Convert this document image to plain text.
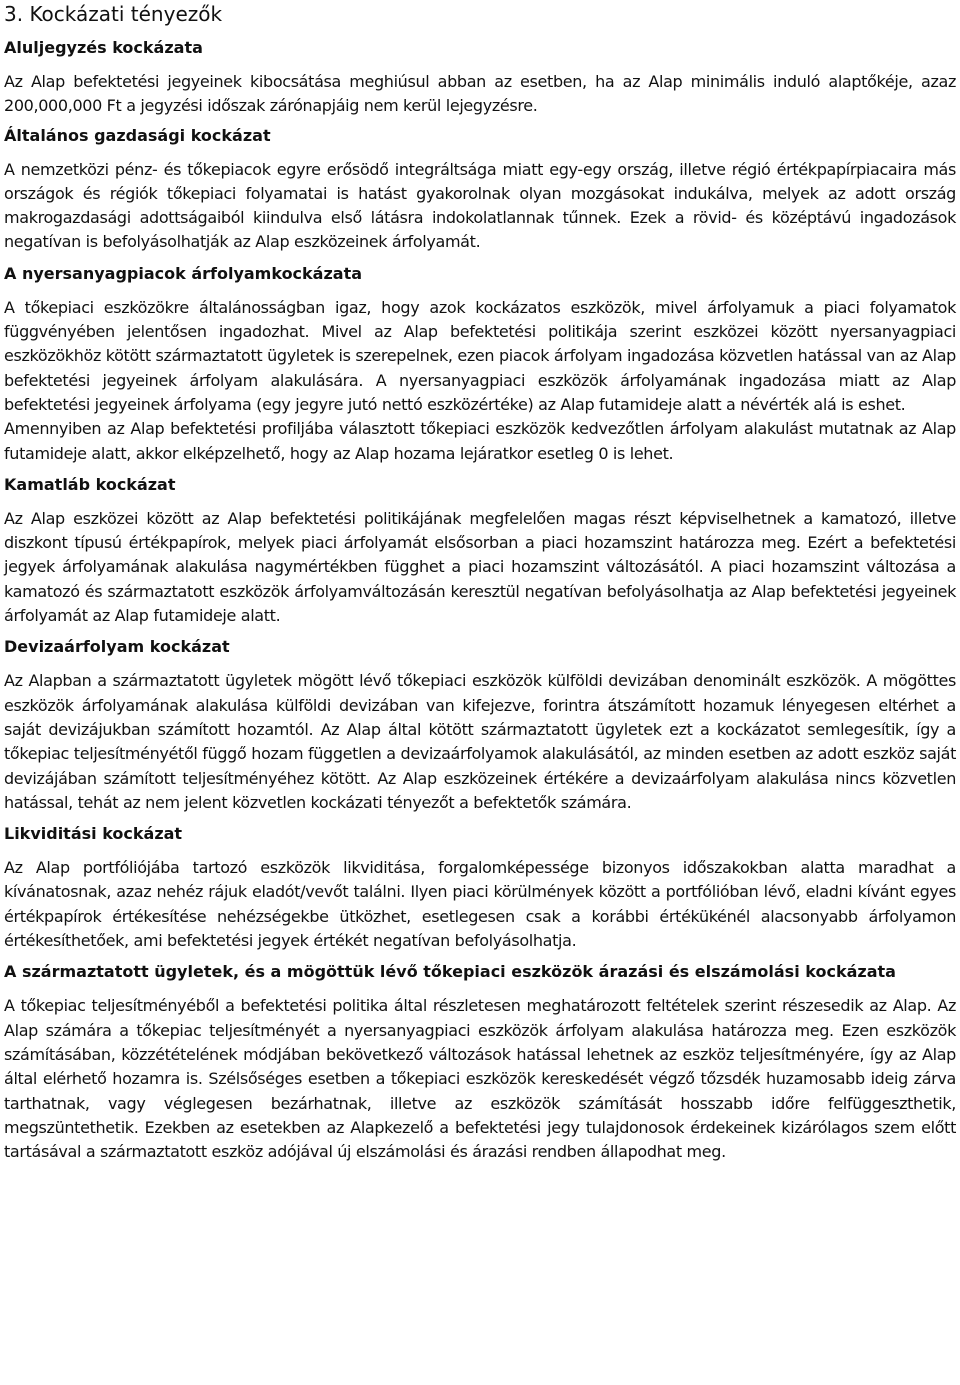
3. Kockázati tényezők
Aluljegyzés kockázata
Az Alap befektetési jegyeinek kibocsátása meghiúsul abban az esetben, ha az Alap minimális induló alaptőkéje, azaz 200,000,000 Ft a jegyzési időszak zárónapjáig nem kerül lejegyzésre.
Általános gazdasági kockázat
A nemzetközi pénz- és tőkepiacok egyre erősödő integráltsága miatt egy-egy ország, illetve régió értékpapírpiacaira más országok és régiók tőkepiaci folyamatai is hatást gyakorolnak olyan mozgásokat indukálva, melyek az adott ország makrogazdasági adottságaiból kiindulva első látásra indokolatlannak tűnnek. Ezek a rövid- és középtávú ingadozások negatívan is befolyásolhatják az Alap eszközeinek árfolyamát.
A nyersanyagpiacok árfolyamkockázata
A tőkepiaci eszközökre általánosságban igaz, hogy azok kockázatos eszközök, mivel árfolyamuk a piaci folyamatok függvényében jelentősen ingadozhat. Mivel az Alap befektetési politikája szerint eszközei között nyersanyagpiaci eszközökhöz kötött származtatott ügyletek is szerepelnek, ezen piacok árfolyam ingadozása közvetlen hatással van az Alap befektetési jegyeinek árfolyam alakulására. A nyersanyagpiaci eszközök árfolyamának ingadozása miatt az Alap befektetési jegyeinek árfolyama (egy jegyre jutó nettó eszközértéke) az Alap futamideje alatt a névérték alá is eshet.
Amennyiben az Alap befektetési profiljába választott tőkepiaci eszközök kedvezőtlen árfolyam alakulást mutatnak az Alap futamideje alatt, akkor elképzelhető, hogy az Alap hozama lejáratkor esetleg 0 is lehet.
Kamatláb kockázat
Az Alap eszközei között az Alap befektetési politikájának megfelelően magas részt képviselhetnek a kamatozó, illetve diszkont típusú értékpapírok, melyek piaci árfolyamát elsősorban a piaci hozamszint határozza meg. Ezért a befektetési jegyek árfolyamának alakulása nagymértékben függhet a piaci hozamszint változásától. A piaci hozamszint változása a kamatozó és származtatott eszközök árfolyamváltozásán keresztül negatívan befolyásolhatja az Alap befektetési jegyeinek árfolyamát az Alap futamideje alatt.
Devizaárfolyam kockázat
Az Alapban a származtatott ügyletek mögött lévő tőkepiaci eszközök külföldi devizában denominált eszközök. A mögöttes eszközök árfolyamának alakulása külföldi devizában van kifejezve, forintra átszámított hozamuk lényegesen eltérhet a saját devizájukban számított hozamtól. Az Alap által kötött származtatott ügyletek ezt a kockázatot semlegesítik, így a tőkepiac teljesítményétől függő hozam független a devizaárfolyamok alakulásától, az minden esetben az adott eszköz saját devizájában számított teljesítményéhez kötött. Az Alap eszközeinek értékére a devizaárfolyam alakulása nincs közvetlen hatással, tehát az nem jelent közvetlen kockázati tényezőt a befektetők számára.
Likviditási kockázat
Az Alap portfóliójába tartozó eszközök likviditása, forgalomképessége bizonyos időszakokban alatta maradhat a kívánatosnak, azaz nehéz rájuk eladót/vevőt találni. Ilyen piaci körülmények között a portfólióban lévő, eladni kívánt egyes értékpapírok értékesítése nehézségekbe ütközhet, esetlegesen csak a korábbi értékükénél alacsonyabb árfolyamon értékesíthetőek, ami befektetési jegyek értékét negatívan befolyásolhatja.
A származtatott ügyletek, és a mögöttük lévő tőkepiaci eszközök árazási és elszámolási kockázata
A tőkepiac teljesítményéből a befektetési politika által részletesen meghatározott feltételek szerint részesedik az Alap. Az Alap számára a tőkepiac teljesítményét a nyersanyagpiaci eszközök árfolyam alakulása határozza meg. Ezen eszközök számításában, közzétételének módjában bekövetkező változások hatással lehetnek az eszköz teljesítményére, így az Alap által elérhető hozamra is. Szélsőséges esetben a tőkepiaci eszközök kereskedését végző tőzsdék huzamosabb ideig zárva tarthatnak, vagy véglegesen bezárhatnak, illetve az eszközök számítását hosszabb időre felfüggeszthetik, megszüntethetik. Ezekben az esetekben az Alapkezelő a befektetési jegy tulajdonosok érdekeinek kizárólagos szem előtt tartásával a származtatott eszköz adójával új elszámolási és árazási rendben állapodhat meg.
